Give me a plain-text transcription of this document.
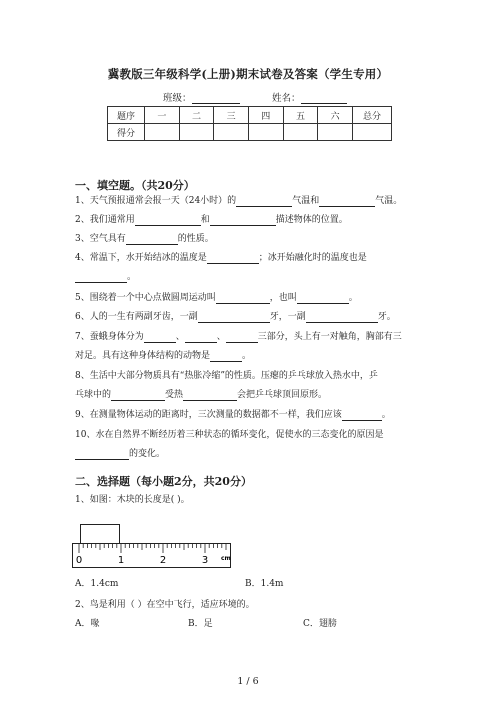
冀教版三年级科学(上册)期末试卷及答案（学生专用）
班级：	姓名：
题序	一	二	三	四	五	六	总分
得分							
一、填空题。（共20分）
1、天气预报通常会报一天（24小时）的	气温和	气温。
2、我们通常用	和	描述物体的位置。
3、空气具有	的性质。
4、常温下，水开始结冰的温度是	；冰开始融化时的温度也是
。
5、围绕着一个中心点做圆周运动叫	，也叫	。
6、人的一生有两副牙齿，一副	牙，一副	牙。
7、蚕蛾身体分为	、	、	三部分，头上有一对触角，胸部有三
对足。具有这种身体结构的动物是	。
8、生活中大部分物质具有“热胀冷缩”的性质。压瘪的乒乓球放入热水中，乒
乓球中的	受热	会把乒乓球顶回原形。
9、在测量物体运动的距离时，三次测量的数据都不一样，我们应该	。
10、水在自然界不断经历着三种状态的循环变化，促使水的三态变化的原因是
的变化。
二、选择题（每小题2分，共20分）
1、如图：木块的长度是( )。
0	1	2	3 cm
A．1.4cm	B．1.4m
2、鸟是利用（ ）在空中飞行，适应环境的。
A．喙	B．足	C．翅膀
1 / 6
